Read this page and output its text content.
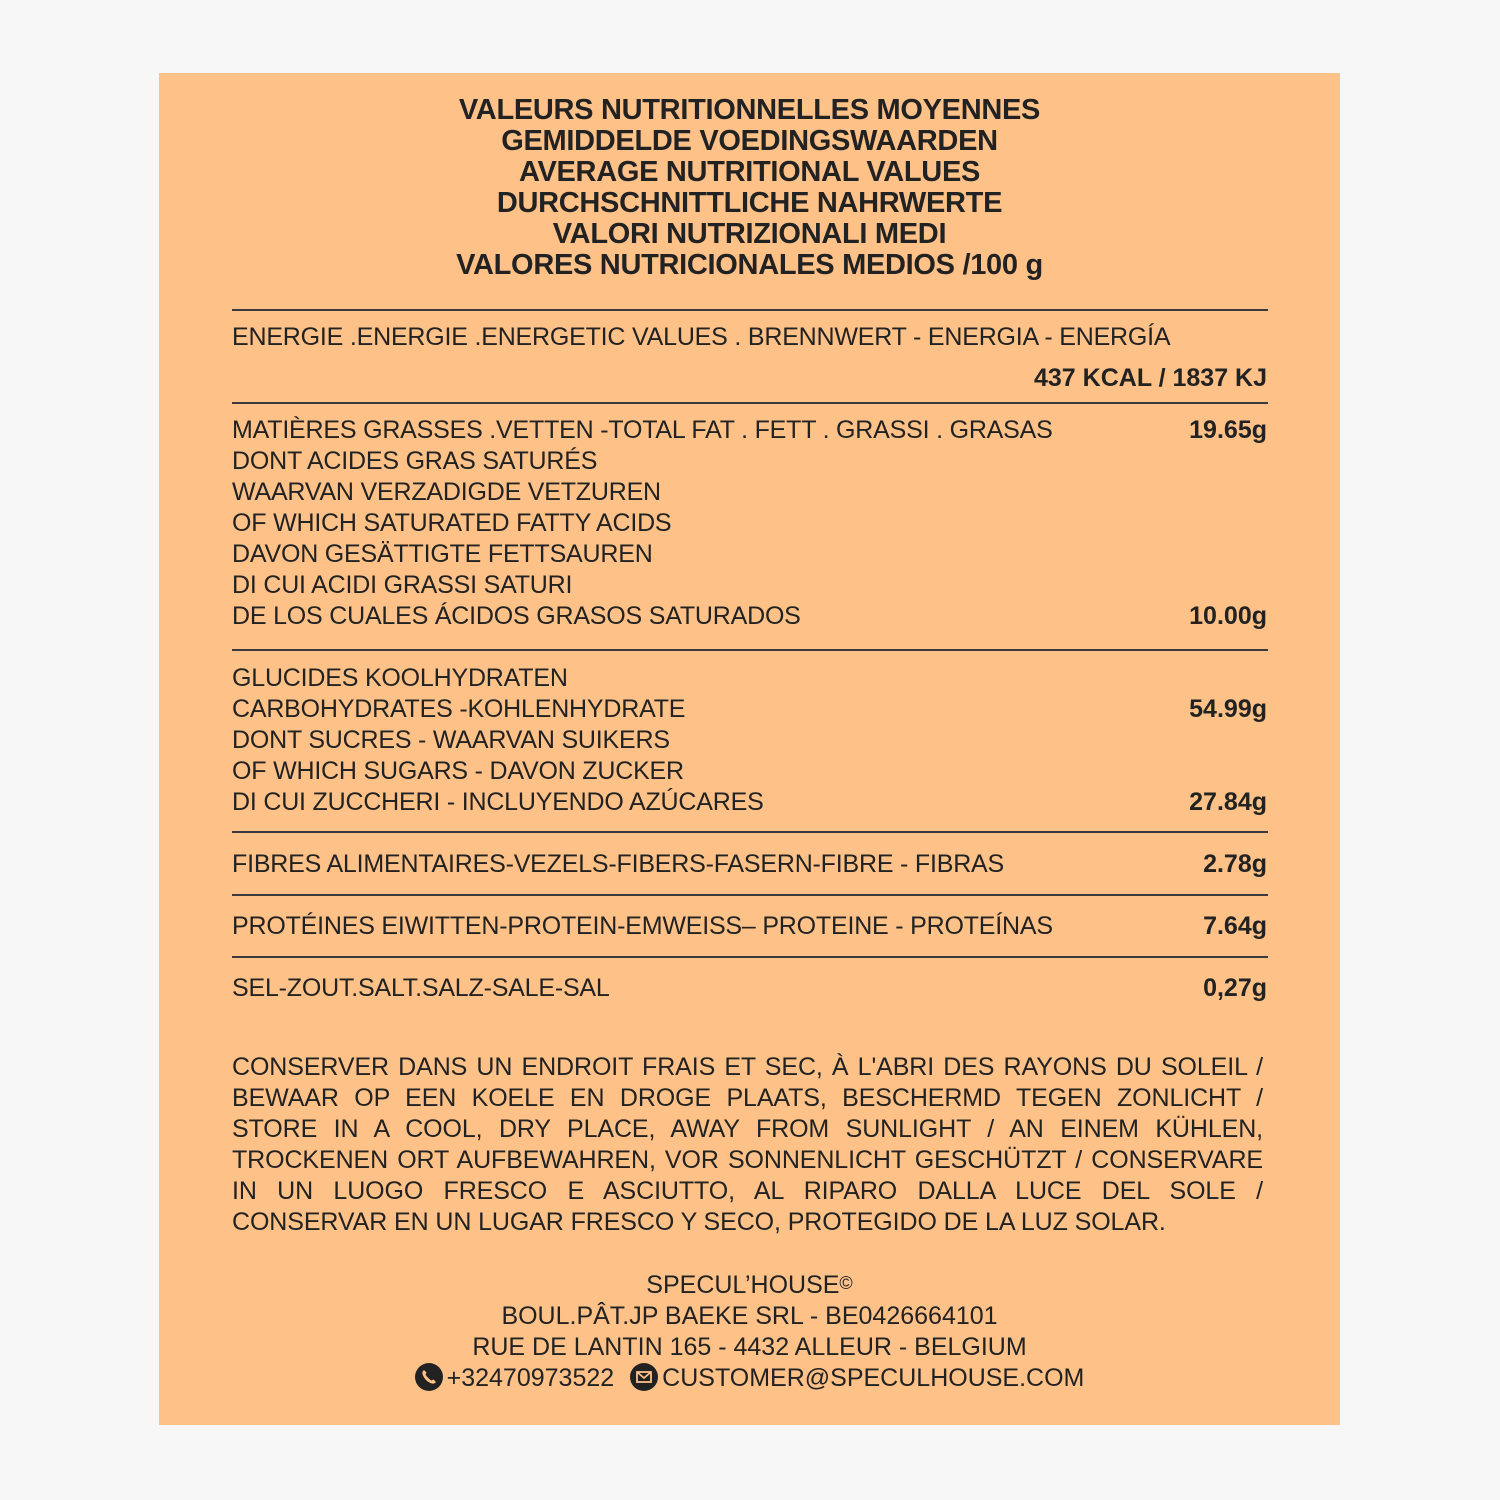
VALEURS NUTRITIONNELLES MOYENNES
GEMIDDELDE VOEDINGSWAARDEN
AVERAGE NUTRITIONAL VALUES
DURCHSCHNITTLICHE NAHRWERTE
VALORI NUTRIZIONALI MEDI
VALORES NUTRICIONALES MEDIOS /100 g
ENERGIE .ENERGIE .ENERGETIC VALUES . BRENNWERT - ENERGIA - ENERGÍA
437 KCAL / 1837 KJ
MATIÈRES GRASSES .VETTEN -TOTAL FAT . FETT . GRASSI . GRASAS	19.65g
DONT ACIDES GRAS SATURÉS
WAARVAN VERZADIGDE VETZUREN
OF WHICH SATURATED FATTY ACIDS
DAVON GESÄTTIGTE FETTSAUREN
DI CUI ACIDI GRASSI SATURI
DE LOS CUALES ÁCIDOS GRASOS SATURADOS	10.00g
GLUCIDES KOOLHYDRATEN
CARBOHYDRATES -KOHLENHYDRATE	54.99g
DONT SUCRES - WAARVAN SUIKERS
OF WHICH SUGARS - DAVON ZUCKER
DI CUI ZUCCHERI - INCLUYENDO AZÚCARES	27.84g
FIBRES ALIMENTAIRES-VEZELS-FIBERS-FASERN-FIBRE - FIBRAS	2.78g
PROTÉINES EIWITTEN-PROTEIN-EMWEISS– PROTEINE - PROTEÍNAS	7.64g
SEL-ZOUT.SALT.SALZ-SALE-SAL	0,27g
CONSERVER DANS UN ENDROIT FRAIS ET SEC, À L'ABRI DES RAYONS DU SOLEIL / BEWAAR OP EEN KOELE EN DROGE PLAATS, BESCHERMD TEGEN ZONLICHT / STORE IN A COOL, DRY PLACE, AWAY FROM SUNLIGHT / AN EINEM KÜHLEN, TROCKENEN ORT AUFBEWAHREN, VOR SONNENLICHT GESCHÜTZT / CONSERVARE IN UN LUOGO FRESCO E ASCIUTTO, AL RIPARO DALLA LUCE DEL SOLE / CONSERVAR EN UN LUGAR FRESCO Y SECO, PROTEGIDO DE LA LUZ SOLAR.
SPECUL’HOUSE©
BOUL.PÂT.JP BAEKE SRL - BE0426664101
RUE DE LANTIN 165 - 4432 ALLEUR - BELGIUM
+32470973522 CUSTOMER@SPECULHOUSE.COM
